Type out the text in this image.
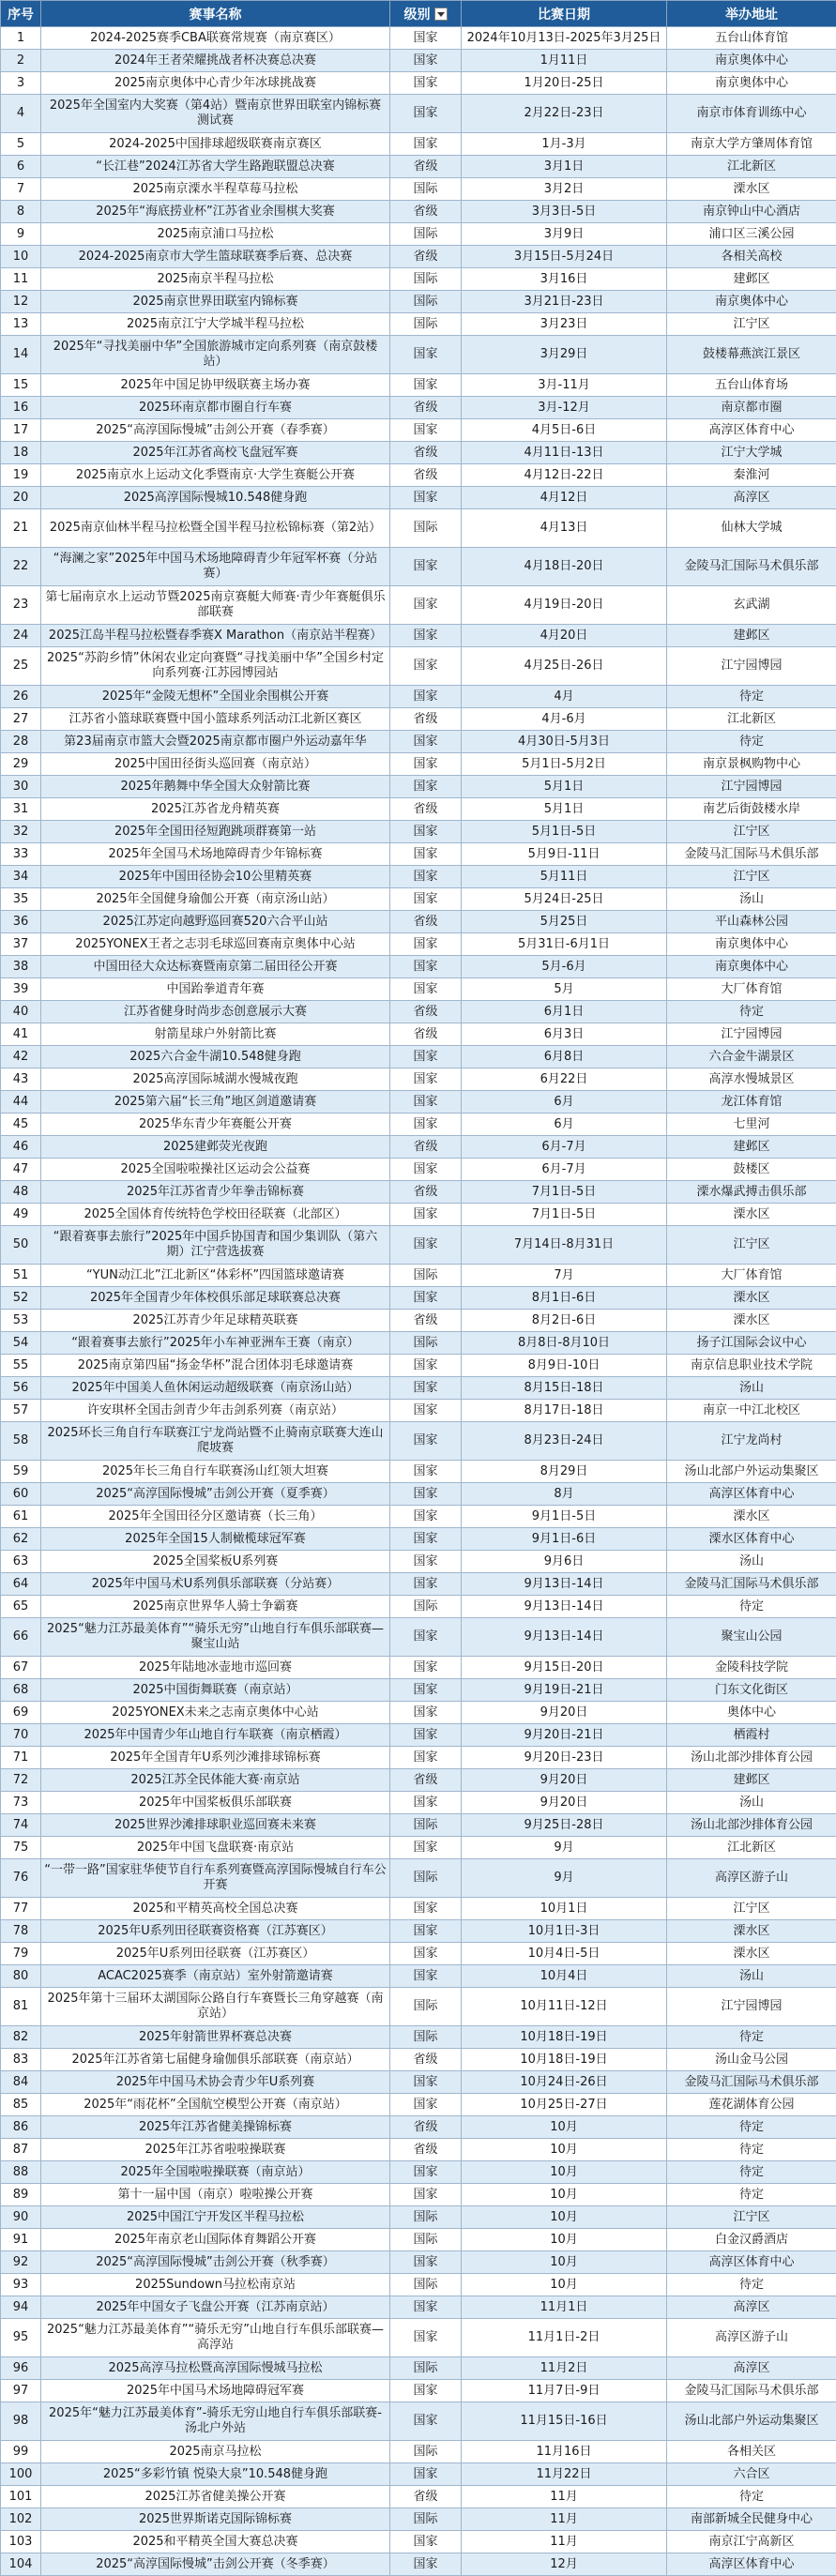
序号	赛事名称	级别	比赛日期	举办地址
1	2024-2025赛季CBA联赛常规赛（南京赛区）	国家	2024年10月13日-2025年3月25日	五台山体育馆
2	2024年王者荣耀挑战者杯决赛总决赛	国家	1月11日	南京奥体中心
3	2025南京奥体中心青少年冰球挑战赛	国家	1月20日-25日	南京奥体中心
4	2025年全国室内大奖赛（第4站）暨南京世界田联室内锦标赛测试赛	国家	2月22日-23日	南京市体育训练中心
5	2024-2025中国排球超级联赛南京赛区	国家	1月-3月	南京大学方肇周体育馆
6	“长江巷”2024江苏省大学生路跑联盟总决赛	省级	3月1日	江北新区
7	2025南京溧水半程草莓马拉松	国际	3月2日	溧水区
8	2025年“海底捞业杯”江苏省业余围棋大奖赛	省级	3月3日-5日	南京钟山中心酒店
9	2025南京浦口马拉松	国际	3月9日	浦口区三溪公园
10	2024-2025南京市大学生篮球联赛季后赛、总决赛	省级	3月15日-5月24日	各相关高校
11	2025南京半程马拉松	国际	3月16日	建邺区
12	2025南京世界田联室内锦标赛	国际	3月21日-23日	南京奥体中心
13	2025南京江宁大学城半程马拉松	国际	3月23日	江宁区
14	2025年“寻找美丽中华”全国旅游城市定向系列赛（南京鼓楼站）	国家	3月29日	鼓楼幕燕滨江景区
15	2025年中国足协甲级联赛主场办赛	国家	3月-11月	五台山体育场
16	2025环南京都市圈自行车赛	省级	3月-12月	南京都市圈
17	2025“高淳国际慢城”击剑公开赛（春季赛）	国家	4月5日-6日	高淳区体育中心
18	2025年江苏省高校飞盘冠军赛	省级	4月11日-13日	江宁大学城
19	2025南京水上运动文化季暨南京·大学生赛艇公开赛	省级	4月12日-22日	秦淮河
20	2025高淳国际慢城10.548健身跑	国家	4月12日	高淳区
21	2025南京仙林半程马拉松暨全国半程马拉松锦标赛（第2站）	国际	4月13日	仙林大学城
22	“海澜之家”2025年中国马术场地障碍青少年冠军杯赛（分站赛）	国家	4月18日-20日	金陵马汇国际马术俱乐部
23	第七届南京水上运动节暨2025南京赛艇大师赛·青少年赛艇俱乐部联赛	国家	4月19日-20日	玄武湖
24	2025江岛半程马拉松暨春季赛X Marathon（南京站半程赛）	国家	4月20日	建邺区
25	2025“苏韵乡情”休闲农业定向赛暨“寻找美丽中华”全国乡村定向系列赛·江苏园博园站	国家	4月25日-26日	江宁园博园
26	2025年“金陵无想杯”全国业余围棋公开赛	国家	4月	待定
27	江苏省小篮球联赛暨中国小篮球系列活动江北新区赛区	省级	4月-6月	江北新区
28	第23届南京市篮大会暨2025南京都市圈户外运动嘉年华	国家	4月30日-5月3日	待定
29	2025中国田径街头巡回赛（南京站）	国家	5月1日-5月2日	南京景枫购物中心
30	2025年鹅舞中华全国大众射箭比赛	国家	5月1日	江宁园博园
31	2025江苏省龙舟精英赛	省级	5月1日	南艺后街鼓楼水岸
32	2025年全国田径短跑跳项群赛第一站	国家	5月1日-5日	江宁区
33	2025年全国马术场地障碍青少年锦标赛	国家	5月9日-11日	金陵马汇国际马术俱乐部
34	2025年中国田径协会10公里精英赛	国家	5月11日	江宁区
35	2025年全国健身瑜伽公开赛（南京汤山站）	国家	5月24日-25日	汤山
36	2025江苏定向越野巡回赛520六合平山站	省级	5月25日	平山森林公园
37	2025YONEX王者之志羽毛球巡回赛南京奥体中心站	国家	5月31日-6月1日	南京奥体中心
38	中国田径大众达标赛暨南京第二届田径公开赛	国家	5月-6月	南京奥体中心
39	中国跆拳道青年赛	国家	5月	大厂体育馆
40	江苏省健身时尚步态创意展示大赛	省级	6月1日	待定
41	射箭星球户外射箭比赛	省级	6月3日	江宁园博园
42	2025六合金牛湖10.548健身跑	国家	6月8日	六合金牛湖景区
43	2025高淳国际城湖水慢城夜跑	国家	6月22日	高淳水慢城景区
44	2025第六届“长三角”地区剑道邀请赛	国家	6月	龙江体育馆
45	2025华东青少年赛艇公开赛	国家	6月	七里河
46	2025建邺荧光夜跑	省级	6月-7月	建邺区
47	2025全国啦啦操社区运动会公益赛	国家	6月-7月	鼓楼区
48	2025年江苏省青少年拳击锦标赛	省级	7月1日-5日	溧水爆武搏击俱乐部
49	2025全国体育传统特色学校田径联赛（北部区）	国家	7月1日-5日	溧水区
50	“跟着赛事去旅行”2025年中国乒协国青和国少集训队（第六期）江宁营选拔赛	国家	7月14日-8月31日	江宁区
51	“YUN动江北”江北新区“体彩杯”四国篮球邀请赛	国际	7月	大厂体育馆
52	2025年全国青少年体校俱乐部足球联赛总决赛	国家	8月1日-6日	溧水区
53	2025江苏青少年足球精英联赛	省级	8月2日-6日	溧水区
54	“跟着赛事去旅行”2025年小车神亚洲车王赛（南京）	国际	8月8日-8月10日	扬子江国际会议中心
55	2025南京第四届“扬金华杯”混合团体羽毛球邀请赛	国家	8月9日-10日	南京信息职业技术学院
56	2025年中国美人鱼休闲运动超级联赛（南京汤山站）	国家	8月15日-18日	汤山
57	许安琪杯全国击剑青少年击剑系列赛（南京站）	国家	8月17日-18日	南京一中江北校区
58	2025环长三角自行车联赛江宁龙尚站暨不止骑南京联赛大连山爬坡赛	国家	8月23日-24日	江宁龙尚村
59	2025年长三角自行车联赛汤山红领大坦赛	国家	8月29日	汤山北部户外运动集聚区
60	2025“高淳国际慢城”击剑公开赛（夏季赛）	国家	8月	高淳区体育中心
61	2025年全国田径分区邀请赛（长三角）	国家	9月1日-5日	溧水区
62	2025年全国15人制橄榄球冠军赛	国家	9月1日-6日	溧水区体育中心
63	2025全国桨板U系列赛	国家	9月6日	汤山
64	2025年中国马术U系列俱乐部联赛（分站赛）	国家	9月13日-14日	金陵马汇国际马术俱乐部
65	2025南京世界华人骑士争霸赛	国际	9月13日-14日	待定
66	2025“魅力江苏最美体育”“骑乐无穷”山地自行车俱乐部联赛—聚宝山站	国家	9月13日-14日	聚宝山公园
67	2025年陆地冰壶地市巡回赛	国家	9月15日-20日	金陵科技学院
68	2025中国街舞联赛（南京站）	国家	9月19日-21日	门东文化街区
69	2025YONEX未来之志南京奥体中心站	国家	9月20日	奥体中心
70	2025年中国青少年山地自行车联赛（南京栖霞）	国家	9月20日-21日	栖霞村
71	2025年全国青年U系列沙滩排球锦标赛	国家	9月20日-23日	汤山北部沙排体育公园
72	2025江苏全民体能大赛·南京站	省级	9月20日	建邺区
73	2025年中国桨板俱乐部联赛	国家	9月20日	汤山
74	2025世界沙滩排球职业巡回赛未来赛	国际	9月25日-28日	汤山北部沙排体育公园
75	2025年中国飞盘联赛·南京站	国家	9月	江北新区
76	“一带一路”国家驻华使节自行车系列赛暨高淳国际慢城自行车公开赛	国际	9月	高淳区游子山
77	2025和平精英高校全国总决赛	国家	10月1日	江宁区
78	2025年U系列田径联赛资格赛（江苏赛区）	国家	10月1日-3日	溧水区
79	2025年U系列田径联赛（江苏赛区）	国家	10月4日-5日	溧水区
80	ACAC2025赛季（南京站）室外射箭邀请赛	国家	10月4日	汤山
81	2025年第十三届环太湖国际公路自行车赛暨长三角穿越赛（南京站）	国际	10月11日-12日	江宁园博园
82	2025年射箭世界杯赛总决赛	国际	10月18日-19日	待定
83	2025年江苏省第七届健身瑜伽俱乐部联赛（南京站）	省级	10月18日-19日	汤山金马公园
84	2025年中国马术协会青少年U系列赛	国家	10月24日-26日	金陵马汇国际马术俱乐部
85	2025年“雨花杯”全国航空模型公开赛（南京站）	国家	10月25日-27日	莲花湖体育公园
86	2025年江苏省健美操锦标赛	省级	10月	待定
87	2025年江苏省啦啦操联赛	省级	10月	待定
88	2025年全国啦啦操联赛（南京站）	国家	10月	待定
89	第十一届中国（南京）啦啦操公开赛	国家	10月	待定
90	2025中国江宁开发区半程马拉松	国际	10月	江宁区
91	2025年南京老山国际体育舞蹈公开赛	国际	10月	白金汉爵酒店
92	2025“高淳国际慢城”击剑公开赛（秋季赛）	国家	10月	高淳区体育中心
93	2025Sundown马拉松南京站	国际	10月	待定
94	2025年中国女子飞盘公开赛（江苏南京站）	国家	11月1日	高淳区
95	2025“魅力江苏最美体育”“骑乐无穷”山地自行车俱乐部联赛—高淳站	国家	11月1日-2日	高淳区游子山
96	2025高淳马拉松暨高淳国际慢城马拉松	国际	11月2日	高淳区
97	2025年中国马术场地障碍冠军赛	国家	11月7日-9日	金陵马汇国际马术俱乐部
98	2025年“魅力江苏最美体育”-骑乐无穷山地自行车俱乐部联赛-汤北户外站	国家	11月15日-16日	汤山北部户外运动集聚区
99	2025南京马拉松	国际	11月16日	各相关区
100	2025“多彩竹镇 悦染大泉”10.548健身跑	国家	11月22日	六合区
101	2025江苏省健美操公开赛	省级	11月	待定
102	2025世界斯诺克国际锦标赛	国际	11月	南部新城全民健身中心
103	2025和平精英全国大赛总决赛	国家	11月	南京江宁高新区
104	2025“高淳国际慢城”击剑公开赛（冬季赛）	国家	12月	高淳区体育中心
